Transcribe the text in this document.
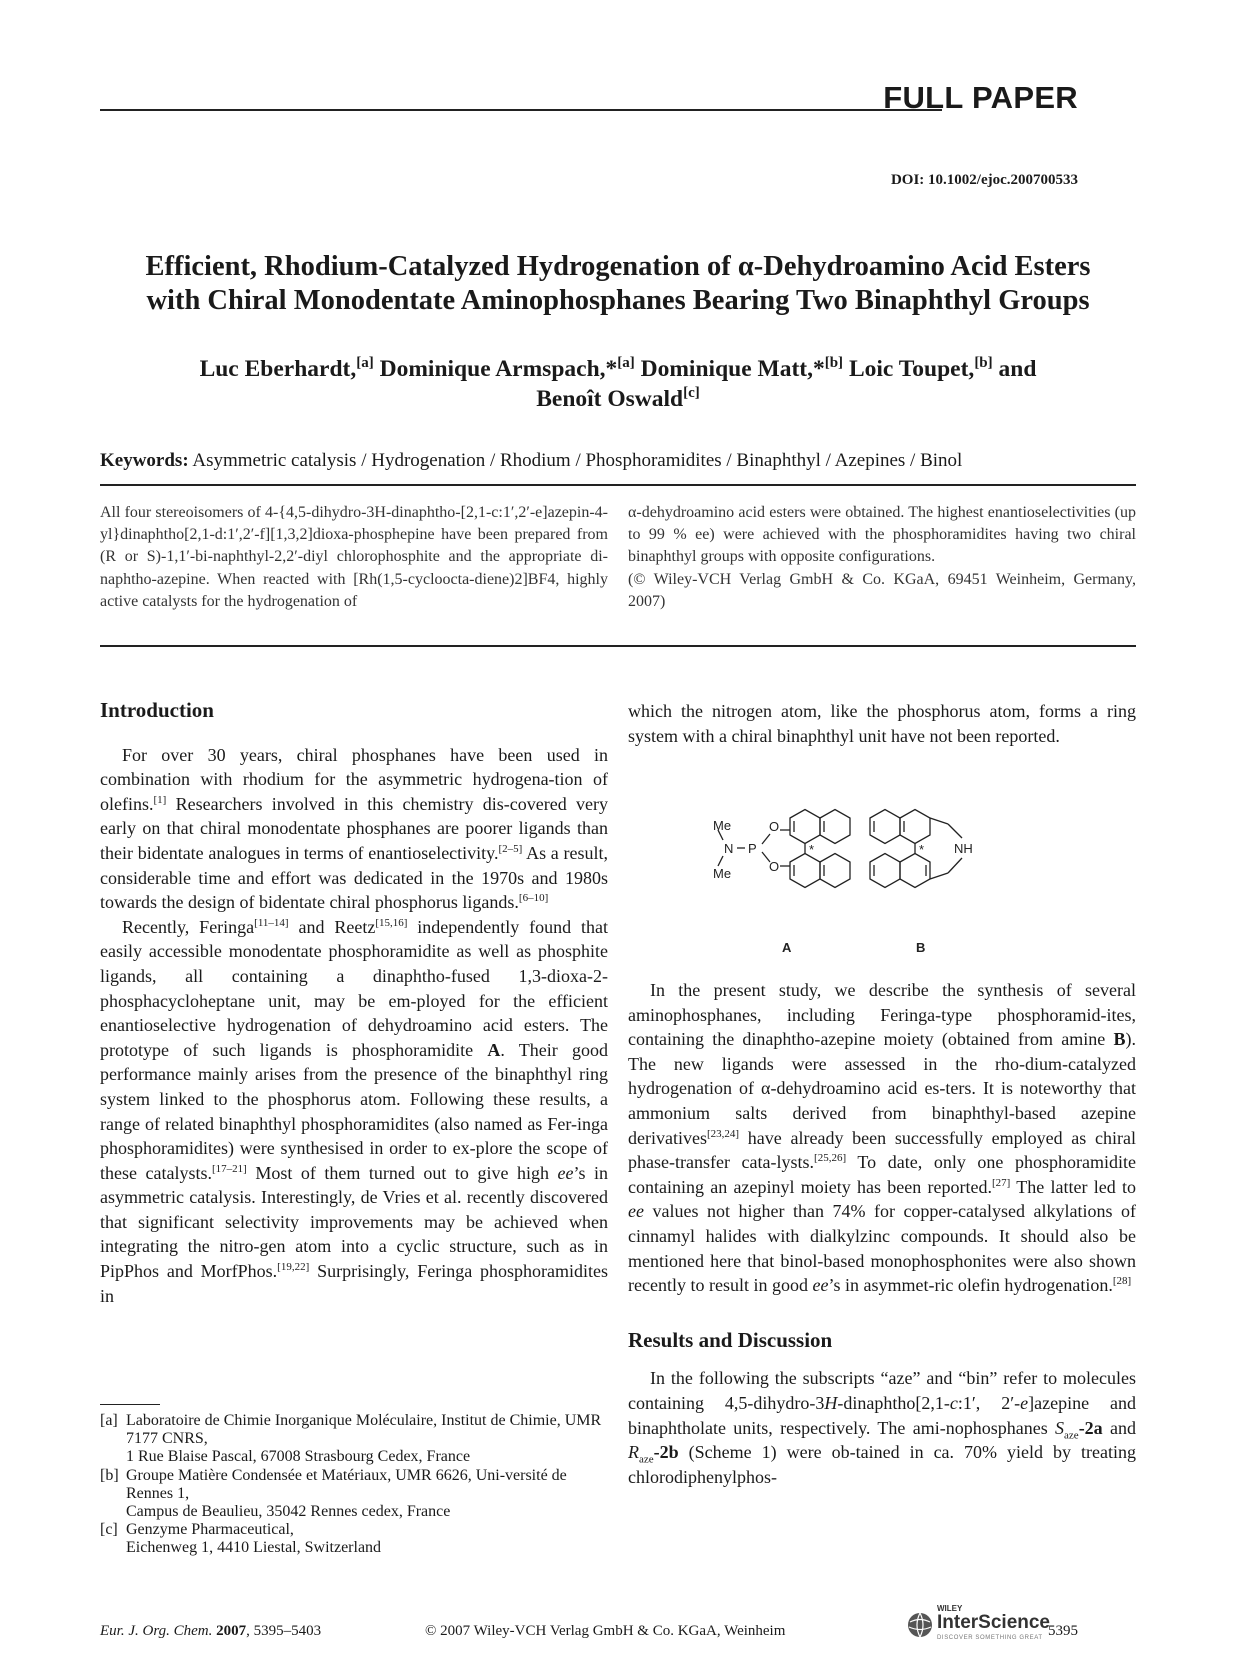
FULL PAPER
DOI: 10.1002/ejoc.200700533
Efficient, Rhodium-Catalyzed Hydrogenation of α-Dehydroamino Acid Esters
with Chiral Monodentate Aminophosphanes Bearing Two Binaphthyl Groups
Luc Eberhardt,[a] Dominique Armspach,*[a] Dominique Matt,*[b] Loic Toupet,[b] and
Benoît Oswald[c]
Keywords: Asymmetric catalysis / Hydrogenation / Rhodium / Phosphoramidites / Binaphthyl / Azepines / Binol

All four stereoisomers of 4-{4,5-dihydro-3H-dinaphtho-[2,1-c:1′,2′-e]azepin-4-yl}dinaphtho[2,1-d:1′,2′-f][1,3,2]dioxa-phosphepine have been prepared from (R or S)-1,1′-bi-naphthyl-2,2′-diyl chlorophosphite and the appropriate di-naphtho-azepine. When reacted with [Rh(1,5-cycloocta-diene)2]BF4, highly active catalysts for the hydrogenation of

α-dehydroamino acid esters were obtained. The highest enantioselectivities (up to 99 % ee) were achieved with the phosphoramidites having two chiral binaphthyl groups with opposite configurations.

(© Wiley-VCH Verlag GmbH & Co. KGaA, 69451 Weinheim, Germany, 2007)

Introduction

For over 30 years, chiral phosphanes have been used in combination with rhodium for the asymmetric hydrogena-tion of olefins.[1] Researchers involved in this chemistry dis-covered very early on that chiral monodentate phosphanes are poorer ligands than their bidentate analogues in terms of enantioselectivity.[2–5] As a result, considerable time and effort was dedicated in the 1970s and 1980s towards the design of bidentate chiral phosphorus ligands.[6–10]

Recently, Feringa[11–14] and Reetz[15,16] independently found that easily accessible monodentate phosphoramidite as well as phosphite ligands, all containing a dinaphtho-fused 1,3-dioxa-2-phosphacycloheptane unit, may be em-ployed for the efficient enantioselective hydrogenation of dehydroamino acid esters. The prototype of such ligands is phosphoramidite A. Their good performance mainly arises from the presence of the binaphthyl ring system linked to the phosphorus atom. Following these results, a range of related binaphthyl phosphoramidites (also named as Fer-inga phosphoramidites) were synthesised in order to ex-plore the scope of these catalysts.[17–21] Most of them turned out to give high ee’s in asymmetric catalysis. Interestingly, de Vries et al. recently discovered that significant selectivity improvements may be achieved when integrating the nitro-gen atom into a cyclic structure, such as in PipPhos and MorfPhos.[19,22] Surprisingly, Feringa phosphoramidites in

[a] Laboratoire de Chimie Inorganique Moléculaire, Institut de Chimie, UMR 7177 CNRS,
1 Rue Blaise Pascal, 67008 Strasbourg Cedex, France
[b] Groupe Matière Condensée et Matériaux, UMR 6626, Uni-versité de Rennes 1,
Campus de Beaulieu, 35042 Rennes cedex, France
[c] Genzyme Pharmaceutical,
Eichenweg 1, 4410 Liestal, Switzerland

which the nitrogen atom, like the phosphorus atom, forms a ring system with a chiral binaphthyl unit have not been reported.

Me
N P
O
O
Me
*	* NH
A	B

In the present study, we describe the synthesis of several aminophosphanes, including Feringa-type phosphoramid-ites, containing the dinaphtho-azepine moiety (obtained from amine B). The new ligands were assessed in the rho-dium-catalyzed hydrogenation of α-dehydroamino acid es-ters. It is noteworthy that ammonium salts derived from binaphthyl-based azepine derivatives[23,24] have already been successfully employed as chiral phase-transfer cata-lysts.[25,26] To date, only one phosphoramidite containing an azepinyl moiety has been reported.[27] The latter led to ee values not higher than 74% for copper-catalysed alkylations of cinnamyl halides with dialkylzinc compounds. It should also be mentioned here that binol-based monophosphonites were also shown recently to result in good ee’s in asymmet-ric olefin hydrogenation.[28]

Results and Discussion

In the following the subscripts “aze” and “bin” refer to molecules containing 4,5-dihydro-3H-dinaphtho[2,1-c:1′, 2′-e]azepine and binaphtholate units, respectively. The ami-nophosphanes $S_{aze}-2a$ and $R_{aze}-2b$ (Scheme 1) were ob-tained in ca. 70% yield by treating chlorodiphenylphos-

Eur. J. Org. Chem. 2007, 5395–5403	© 2007 Wiley-VCH Verlag GmbH & Co. KGaA, Weinheim
WILEY
InterScience
DISCOVER SOMETHING GREAT 5395
